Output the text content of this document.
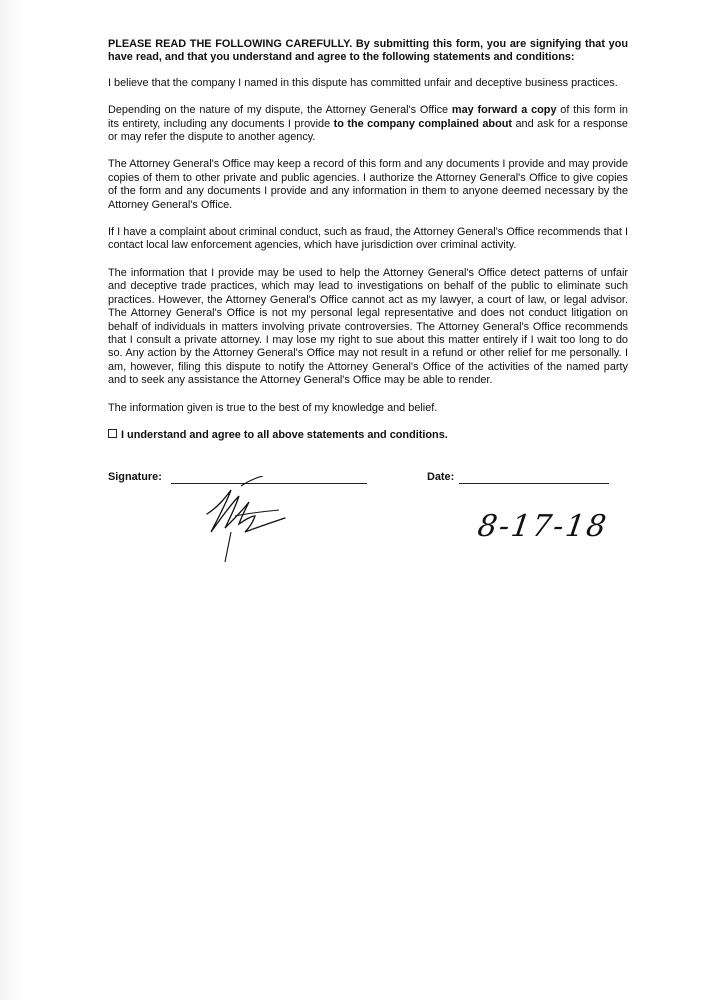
PLEASE READ THE FOLLOWING CAREFULLY. By submitting this form, you are signifying that you have read, and that you understand and agree to the following statements and conditions:

I believe that the company I named in this dispute has committed unfair and deceptive business practices.

Depending on the nature of my dispute, the Attorney General's Office may forward a copy of this form in its entirety, including any documents I provide to the company complained about and ask for a response or may refer the dispute to another agency.

The Attorney General's Office may keep a record of this form and any documents I provide and may provide copies of them to other private and public agencies. I authorize the Attorney General's Office to give copies of the form and any documents I provide and any information in them to anyone deemed necessary by the Attorney General's Office.

If I have a complaint about criminal conduct, such as fraud, the Attorney General's Office recommends that I contact local law enforcement agencies, which have jurisdiction over criminal activity.

The information that I provide may be used to help the Attorney General's Office detect patterns of unfair and deceptive trade practices, which may lead to investigations on behalf of the public to eliminate such practices. However, the Attorney General's Office cannot act as my lawyer, a court of law, or legal advisor. The Attorney General's Office is not my personal legal representative and does not conduct litigation on behalf of individuals in matters involving private controversies. The Attorney General's Office recommends that I consult a private attorney. I may lose my right to sue about this matter entirely if I wait too long to do so. Any action by the Attorney General's Office may not result in a refund or other relief for me personally. I am, however, filing this dispute to notify the Attorney General's Office of the activities of the named party and to seek any assistance the Attorney General's Office may be able to render.

The information given is true to the best of my knowledge and belief.

I understand and agree to all above statements and conditions.

Signature:	Date:
8-17-18
